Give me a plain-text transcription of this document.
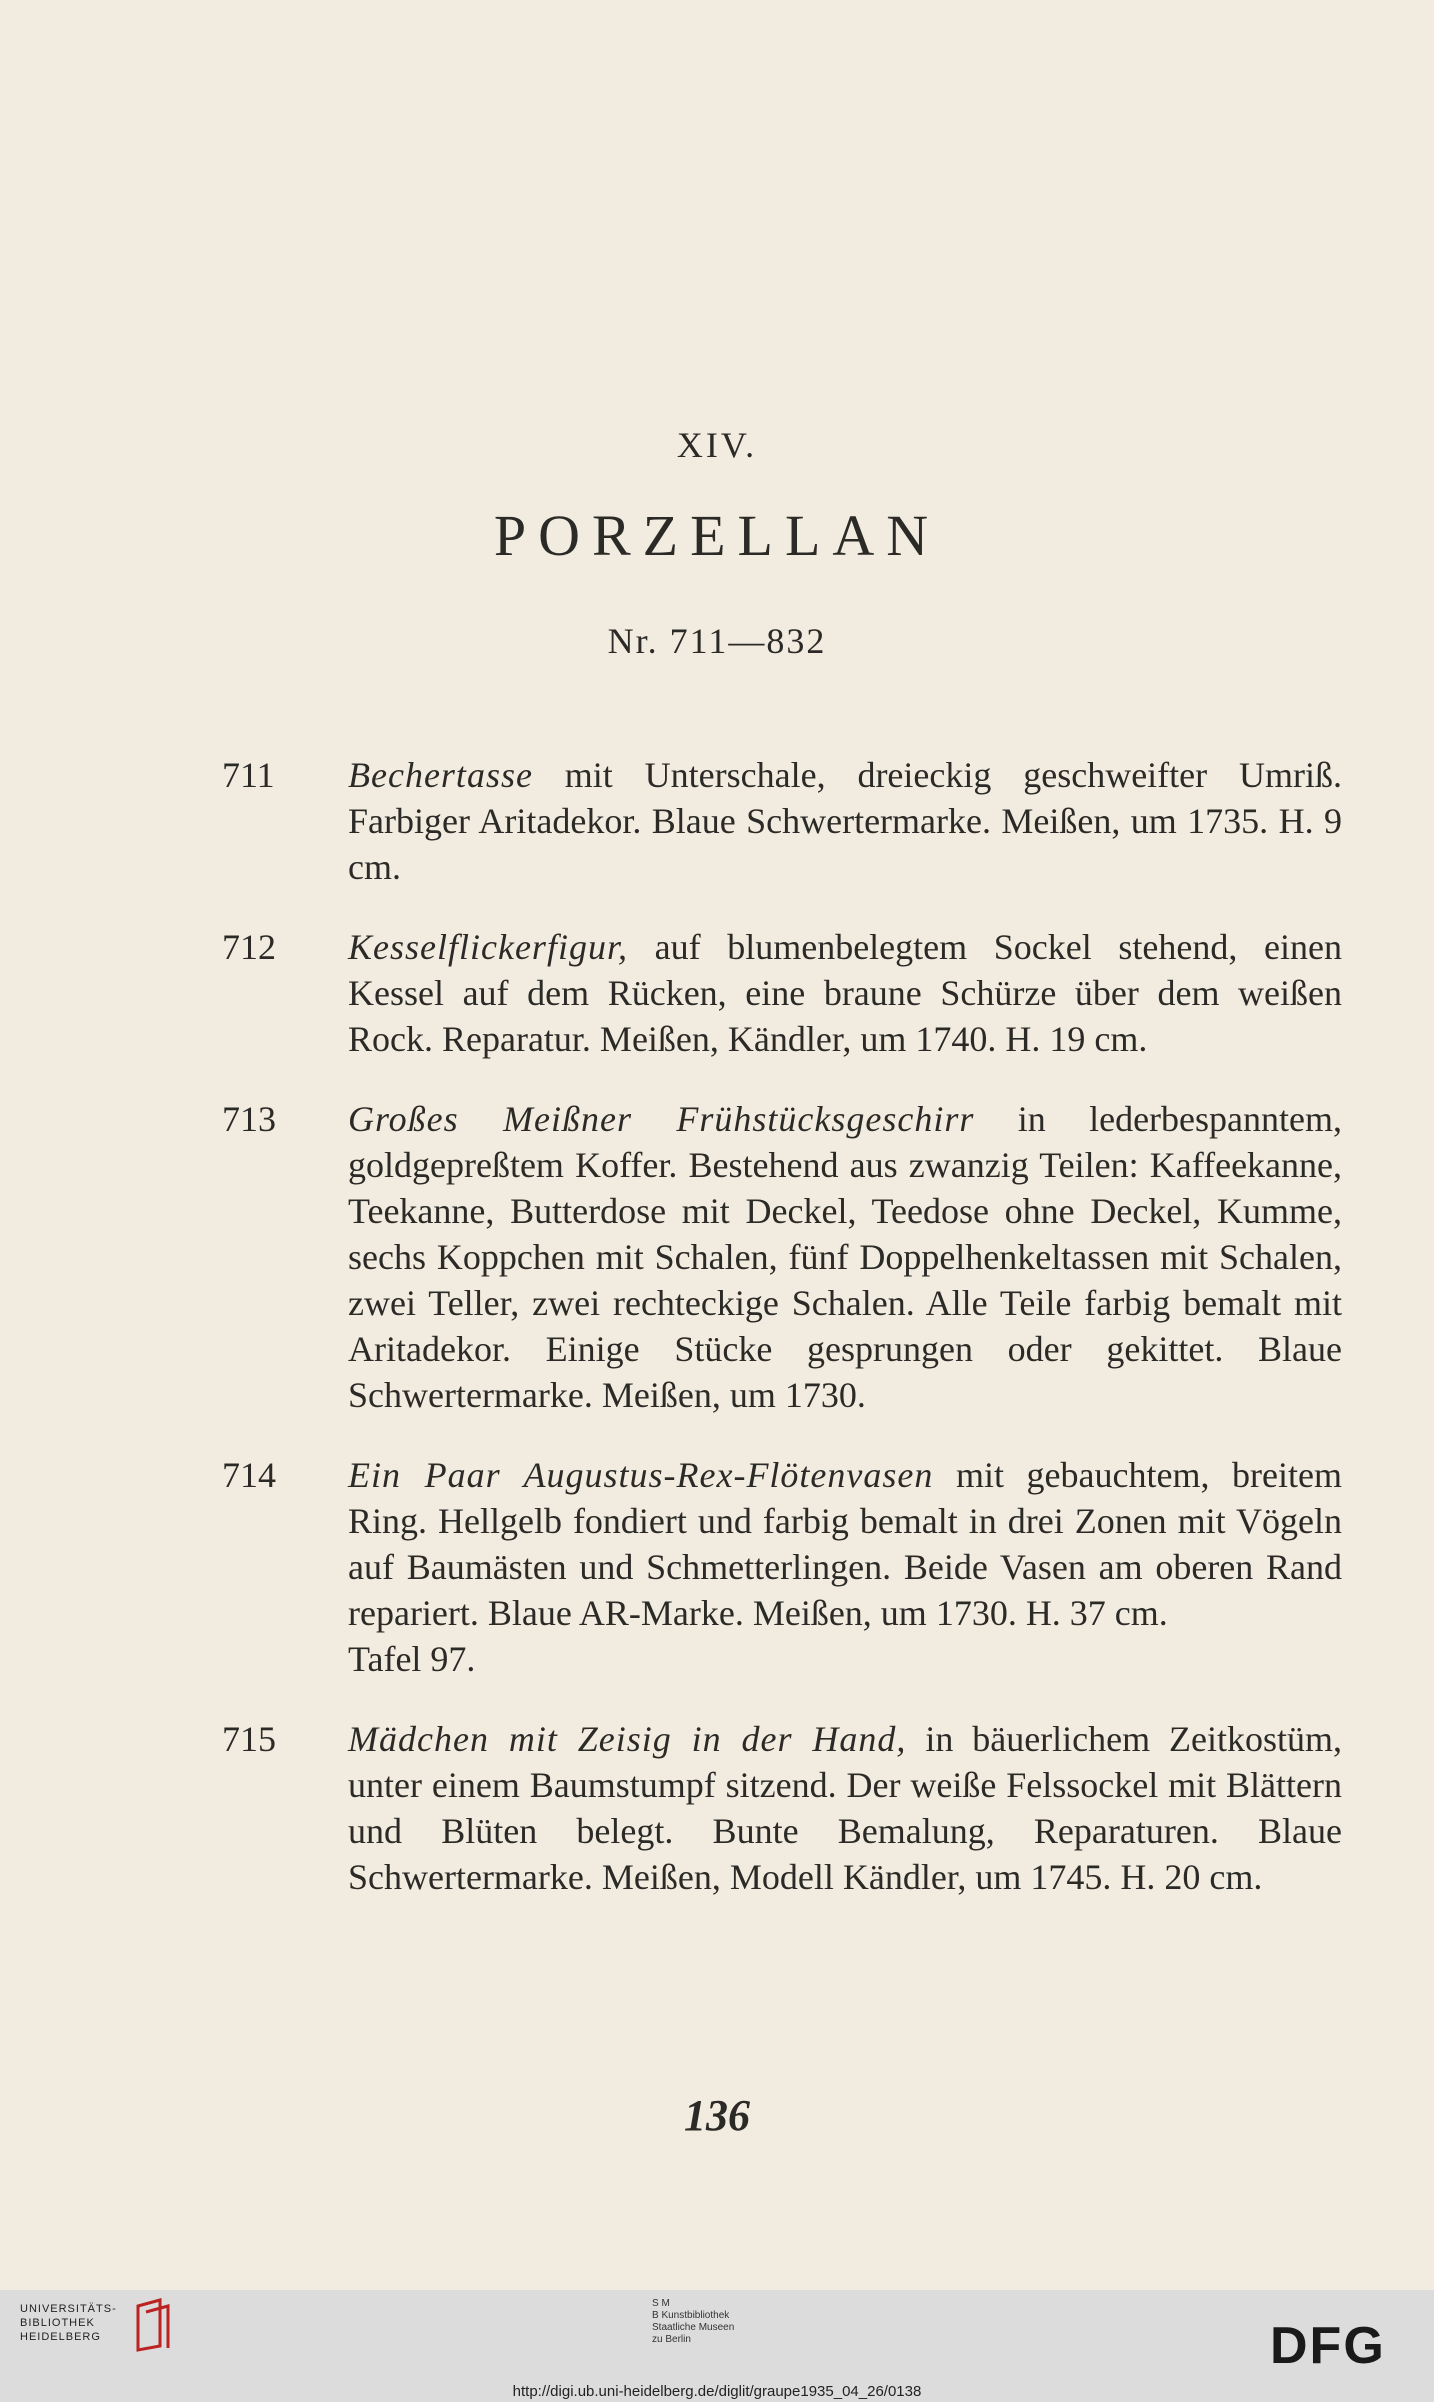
XIV.
PORZELLAN
Nr. 711—832
711 Bechertasse mit Unterschale, dreieckig geschweifter Umriß. Farbiger Aritadekor. Blaue Schwertermarke. Meißen, um 1735. H. 9 cm.
712 Kesselflickerfigur, auf blumenbelegtem Sockel stehend, einen Kessel auf dem Rücken, eine braune Schürze über dem weißen Rock. Reparatur. Meißen, Kändler, um 1740. H. 19 cm.
713 Großes Meißner Frühstücksgeschirr in lederbespanntem, goldgepreßtem Koffer. Bestehend aus zwanzig Teilen: Kaffeekanne, Teekanne, Butterdose mit Deckel, Teedose ohne Deckel, Kumme, sechs Koppchen mit Schalen, fünf Doppelhenkeltassen mit Schalen, zwei Teller, zwei rechteckige Schalen. Alle Teile farbig bemalt mit Aritadekor. Einige Stücke gesprungen oder gekittet. Blaue Schwertermarke. Meißen, um 1730.
714 Ein Paar Augustus-Rex-Flötenvasen mit gebauchtem, breitem Ring. Hellgelb fondiert und farbig bemalt in drei Zonen mit Vögeln auf Baumästen und Schmetterlingen. Beide Vasen am oberen Rand repariert. Blaue AR-Marke. Meißen, um 1730. H. 37 cm.
Tafel 97.
715 Mädchen mit Zeisig in der Hand, in bäuerlichem Zeitkostüm, unter einem Baumstumpf sitzend. Der weiße Felssockel mit Blättern und Blüten belegt. Bunte Bemalung, Reparaturen. Blaue Schwertermarke. Meißen, Modell Kändler, um 1745. H. 20 cm.
136
UNIVERSITÄTS-
BIBLIOTHEK
HEIDELBERG
S M
B Kunstbibliothek
Staatliche Museen
zu Berlin	DFG
http://digi.ub.uni-heidelberg.de/diglit/graupe1935_04_26/0138
